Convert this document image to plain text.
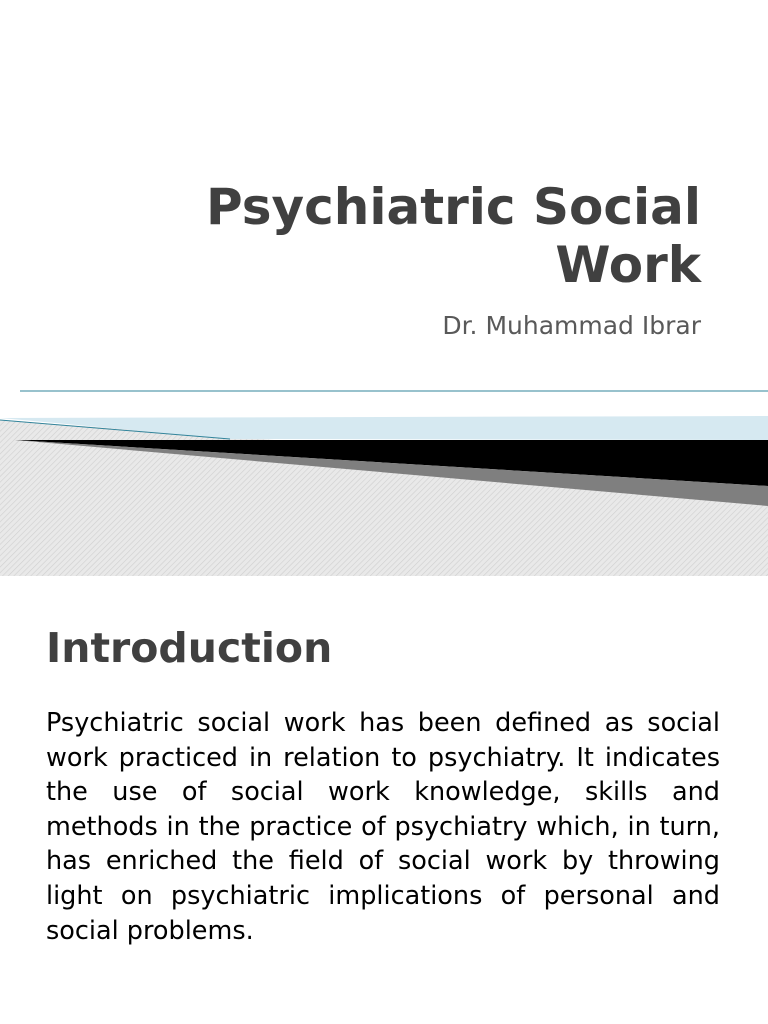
Psychiatric Social Work

Dr. Muhammad Ibrar

Introduction

Psychiatric social work has been defined as social work practiced in relation to psychiatry. It indicates the use of social work knowledge, skills and methods in the practice of psychiatry which, in turn, has enriched the field of social work by throwing light on psychiatric implications of personal and social problems.
